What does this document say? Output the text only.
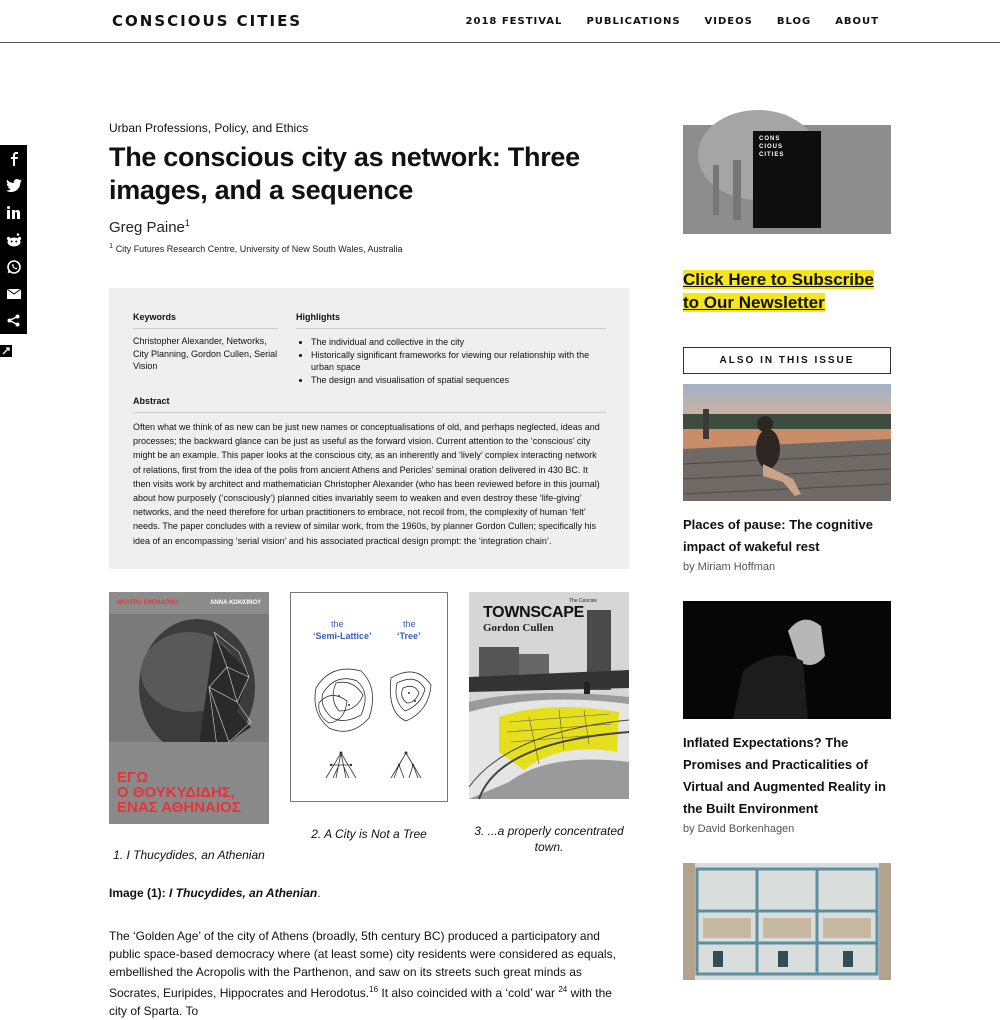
CONSCIOUS CITIES	2018 FESTIVAL PUBLICATIONS VIDEOS BLOG ABOUT
Urban Professions, Policy, and Ethics
The conscious city as network: Three images, and a sequence
Greg Paine$^1$
$^1$ City Futures Research Centre, University of New South Wales, Australia
Keywords
Christopher Alexander, Networks, City Planning, Gordon Cullen, Serial Vision
Highlights
• The individual and collective in the city
• Historically significant frameworks for viewing our relationship with the urban space
• The design and visualisation of spatial sequences
Abstract
Often what we think of as new can be just new names or conceptualisations of old, and perhaps neglected, ideas and processes; the backward glance can be just as useful as the forward vision. Current attention to the ‘conscious’ city might be an example. This paper looks at the conscious city, as an inherently and ‘lively’ complex interacting network of relations, first from the idea of the polis from ancient Athens and Pericles’ seminal oration delivered in 430 BC. It then visits work by architect and mathematician Christopher Alexander (who has been reviewed before in this journal) about how purposely (‘consciously’) planned cities invariably seem to weaken and even destroy these ‘life-giving’ networks, and the need therefore for urban practitioners to embrace, not recoil from, the complexity of human ‘felt’ needs. The paper concludes with a review of similar work, from the 1960s, by planner Gordon Cullen; specifically his idea of an encompassing ‘serial vision’ and his associated practical design prompt: the ‘integration chain’.
ΘΕΑΤΡΟ ΣΦΕΝΔΟΝΗ	ΑΝΝΑ ΚΟΚΚΙΝΟΥ
ΕΓΩ
Ο ΘΟΥΚΥΔΙΔΗΣ,
ΕΝΑΣ ΑΘΗΝΑΙΟΣ
1. I Thucydides, an Athenian
the
‘Semi-Lattice’
the
‘Tree’
2. A City is Not a Tree
The Concise
TOWNSCAPE
Gordon Cullen
3. ...a properly concentrated town.
Image (1): I Thucydides, an Athenian.
The ‘Golden Age’ of the city of Athens (broadly, 5th century BC) produced a participatory and public space-based democracy where (at least some) city residents were considered as equals, embellished the Acropolis with the Parthenon, and saw on its streets such great minds as Socrates, Euripides, Hippocrates and Herodotus.$^{16}$ It also coincided with a ‘cold’ war $^{24}$ with the city of Sparta. To
CONS
CIOUS
CITIES
Click Here to Subscribe to Our Newsletter
ALSO IN THIS ISSUE
Places of pause: The cognitive impact of wakeful rest
by Miriam Hoffman
Inflated Expectations? The Promises and Practicalities of Virtual and Augmented Reality in the Built Environment
by David Borkenhagen
